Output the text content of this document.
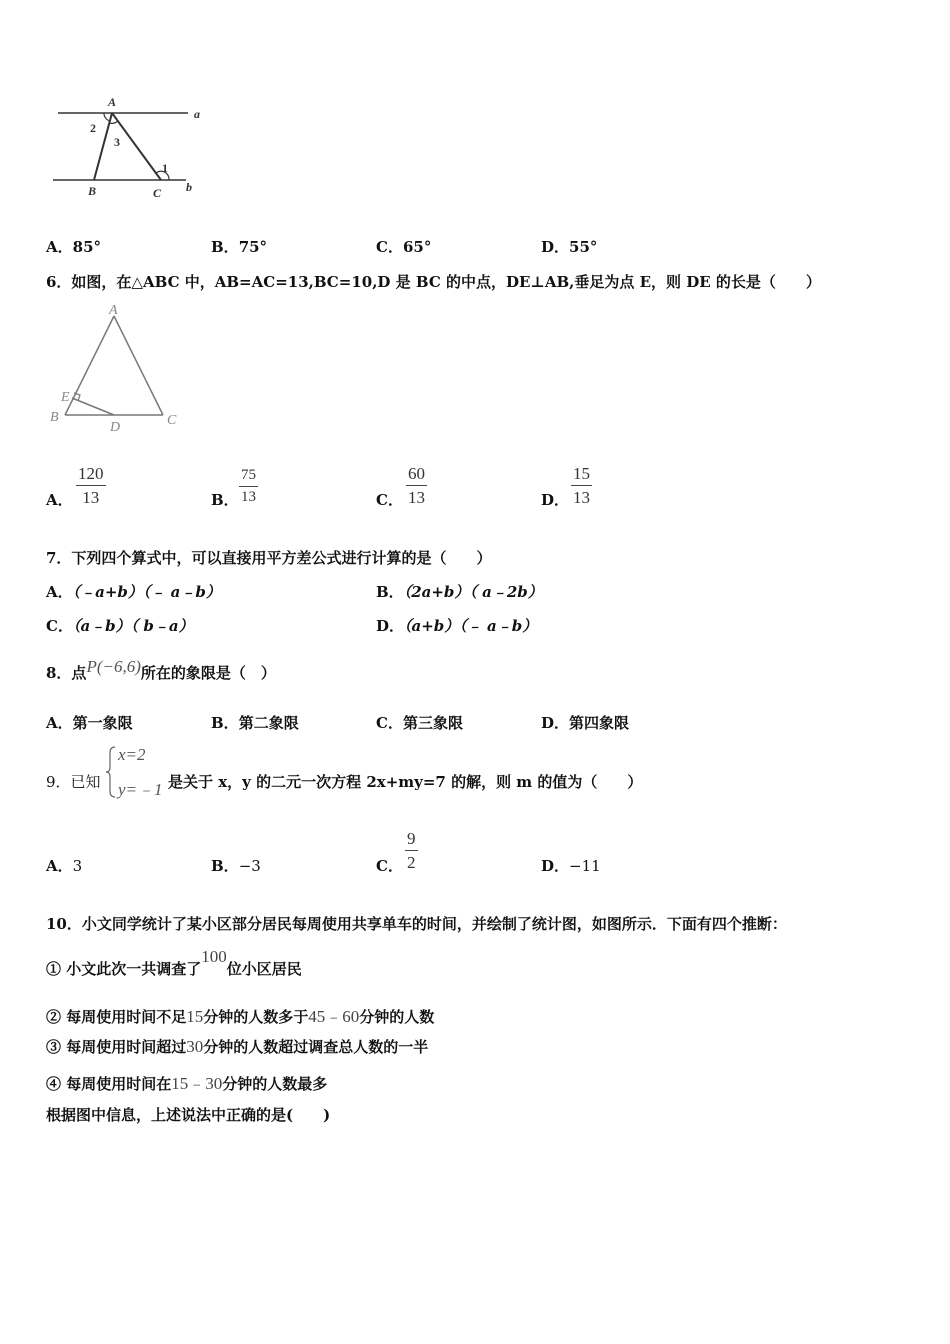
A
a
2
3
1
B	C b
A．85°	B．75°	C．65°	D．55°
6．如图，在△ABC 中，AB=AC=13,BC=10,D 是 BC 的中点，DE⊥AB,垂足为点 E，则 DE 的长是（　　）
A
E
B
D	C
A．
120
13	B．
75
13	C．
60
13	D．
15
13
7．下列四个算式中，可以直接用平方差公式进行计算的是（　　）
A．（﹣a+b）（﹣ a﹣b）	B．（2a+b）（ a﹣2b）
C．（a﹣b）（ b﹣a）	D．（a+b）（﹣ a﹣b）
8．点P(−6,6)所在的象限是（　）
A．第一象限	B．第二象限	C．第三象限	D．第四象限
9．已知
x=2
y=﹣1 是关于 x，y 的二元一次方程 2x+my=7 的解，则 m 的值为（　　）
A．3	B．−3	C．
9
2	D．−11
10．小文同学统计了某小区部分居民每周使用共享单车的时间，并绘制了统计图，如图所示．下面有四个推断：
① 小文此次一共调查了100位小区居民
② 每周使用时间不足15分钟的人数多于45﹣60分钟的人数
③ 每周使用时间超过30分钟的人数超过调查总人数的一半
④ 每周使用时间在15﹣30分钟的人数最多
根据图中信息，上述说法中正确的是(　　)
